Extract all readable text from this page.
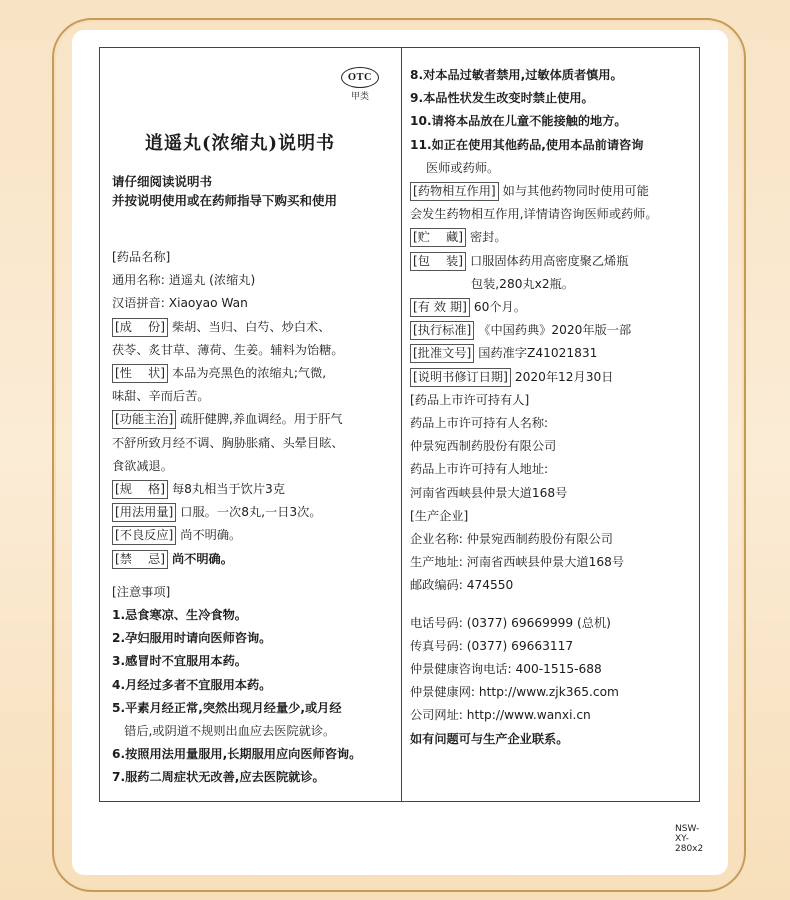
OTC
甲类
逍遥丸(浓缩丸)说明书
请仔细阅读说明书
并按说明使用或在药师指导下购买和使用
[药品名称]
通用名称: 逍遥丸 (浓缩丸)
汉语拼音: Xiaoyao Wan
[成　 份] 柴胡、当归、白芍、炒白术、
茯苓、炙甘草、薄荷、生姜。辅料为饴糖。
[性　 状] 本品为亮黑色的浓缩丸;气微,
味甜、辛而后苦。
[功能主治] 疏肝健脾,养血调经。用于肝气
不舒所致月经不调、胸胁胀痛、头晕目眩、
食欲减退。
[规　 格] 每8丸相当于饮片3克
[用法用量] 口服。一次8丸,一日3次。
[不良反应] 尚不明确。
[禁　 忌] 尚不明确。
[注意事项]
1.忌食寒凉、生冷食物。
2.孕妇服用时请向医师咨询。
3.感冒时不宜服用本药。
4.月经过多者不宜服用本药。
5.平素月经正常,突然出现月经量少,或月经
　错后,或阴道不规则出血应去医院就诊。
6.按照用法用量服用,长期服用应向医师咨询。
7.服药二周症状无改善,应去医院就诊。
8.对本品过敏者禁用,过敏体质者慎用。
9.本品性状发生改变时禁止使用。
10.请将本品放在儿童不能接触的地方。
11.如正在使用其他药品,使用本品前请咨询
　 医师或药师。
[药物相互作用] 如与其他药物同时使用可能
会发生药物相互作用,详情请咨询医师或药师。
[贮　 藏] 密封。
[包　 装] 口服固体药用高密度聚乙烯瓶
　　　　　包装,280丸x2瓶。
[有 效 期] 60个月。
[执行标准] 《中国药典》2020年版一部
[批准文号] 国药准字Z41021831
[说明书修订日期] 2020年12月30日
[药品上市许可持有人]
药品上市许可持有人名称:
仲景宛西制药股份有限公司
药品上市许可持有人地址:
河南省西峡县仲景大道168号
[生产企业]
企业名称: 仲景宛西制药股份有限公司
生产地址: 河南省西峡县仲景大道168号
邮政编码: 474550
电话号码: (0377) 69669999 (总机)
传真号码: (0377) 69663117
仲景健康咨询电话: 400-1515-688
仲景健康网: http://www.zjk365.com
公司网址: http://www.wanxi.cn
如有问题可与生产企业联系。
NSW-XY-280x2
